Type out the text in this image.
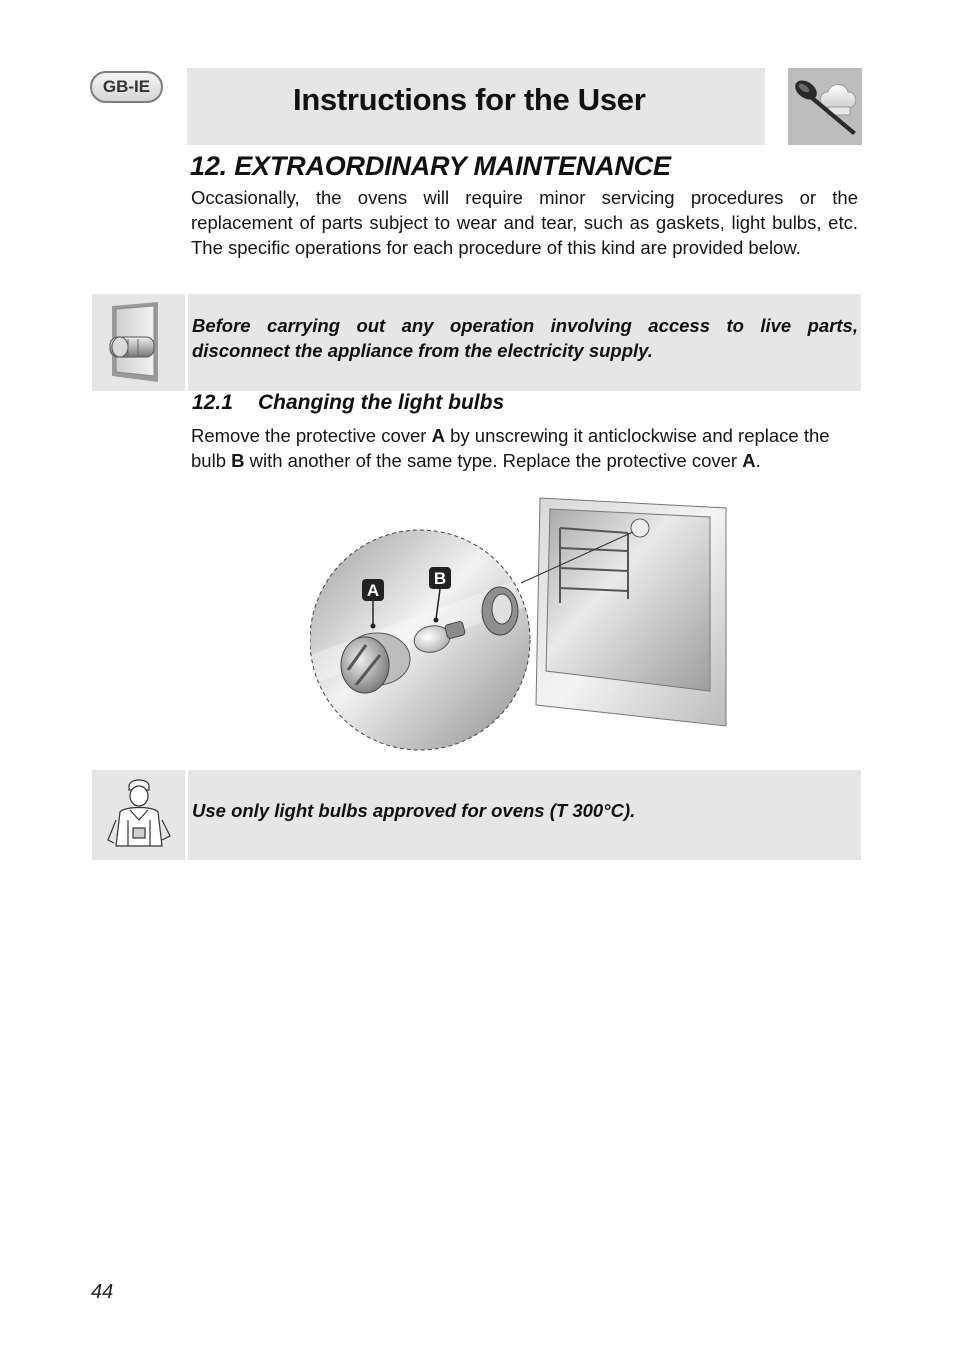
GB-IE	Instructions for the User
12. EXTRAORDINARY MAINTENANCE
Occasionally, the ovens will require minor servicing procedures or the replacement of parts subject to wear and tear, such as gaskets, light bulbs, etc. The specific operations for each procedure of this kind are provided below.
Before carrying out any operation involving access to live parts, disconnect the appliance from the electricity supply.
12.1 Changing the light bulbs
Remove the protective cover A by unscrewing it anticlockwise and replace the bulb B with another of the same type. Replace the protective cover A.
A
B
Use only light bulbs approved for ovens (T 300°C).
44
